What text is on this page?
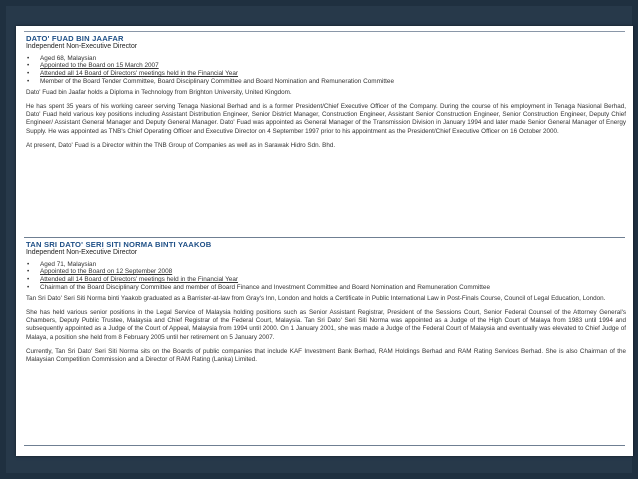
DATO' FUAD BIN JAAFAR
Independent Non-Executive Director
• Aged 68, Malaysian
• Appointed to the Board on 15 March 2007
• Attended all 14 Board of Directors' meetings held in the Financial Year
• Member of the Board Tender Committee, Board Disciplinary Committee and Board Nomination and Remuneration Committee

Dato' Fuad bin Jaafar holds a Diploma in Technology from Brighton University, United Kingdom.

He has spent 35 years of his working career serving Tenaga Nasional Berhad and is a former President/Chief Executive Officer of the Company. During the course of his employment in Tenaga Nasional Berhad, Dato' Fuad held various key positions including Assistant Distribution Engineer, Senior District Manager, Construction Engineer, Assistant Senior Construction Engineer, Senior Construction Engineer, Deputy Chief Engineer/ Assistant General Manager and Deputy General Manager. Dato' Fuad was appointed as General Manager of the Transmission Division in January 1994 and later made Senior General Manager of Energy Supply. He was appointed as TNB's Chief Operating Officer and Executive Director on 4 September 1997 prior to his appointment as the President/Chief Executive Officer on 16 October 2000.

At present, Dato' Fuad is a Director within the TNB Group of Companies as well as in Sarawak Hidro Sdn. Bhd.

TAN SRI DATO' SERI SITI NORMA BINTI YAAKOB
Independent Non-Executive Director
• Aged 71, Malaysian
• Appointed to the Board on 12 September 2008
• Attended all 14 Board of Directors' meetings held in the Financial Year
• Chairman of the Board Disciplinary Committee and member of Board Finance and Investment Committee and Board Nomination and Remuneration Committee

Tan Sri Dato' Seri Siti Norma binti Yaakob graduated as a Barrister-at-law from Gray's Inn, London and holds a Certificate in Public International Law in Post-Finals Course, Council of Legal Education, London.

She has held various senior positions in the Legal Service of Malaysia holding positions such as Senior Assistant Registrar, President of the Sessions Court, Senior Federal Counsel of the Attorney General's Chambers, Deputy Public Trustee, Malaysia and Chief Registrar of the Federal Court, Malaysia. Tan Sri Dato' Seri Siti Norma was appointed as a Judge of the High Court of Malaya from 1983 until 1994 and subsequently appointed as a Judge of the Court of Appeal, Malaysia from 1994 until 2000. On 1 January 2001, she was made a Judge of the Federal Court of Malaysia and eventually was elevated to Chief Judge of Malaya, a position she held from 8 February 2005 until her retirement on 5 January 2007.

Currently, Tan Sri Dato' Seri Siti Norma sits on the Boards of public companies that include KAF Investment Bank Berhad, RAM Holdings Berhad and RAM Rating Services Berhad. She is also Chairman of the Malaysian Competition Commission and a Director of RAM Rating (Lanka) Limited.
